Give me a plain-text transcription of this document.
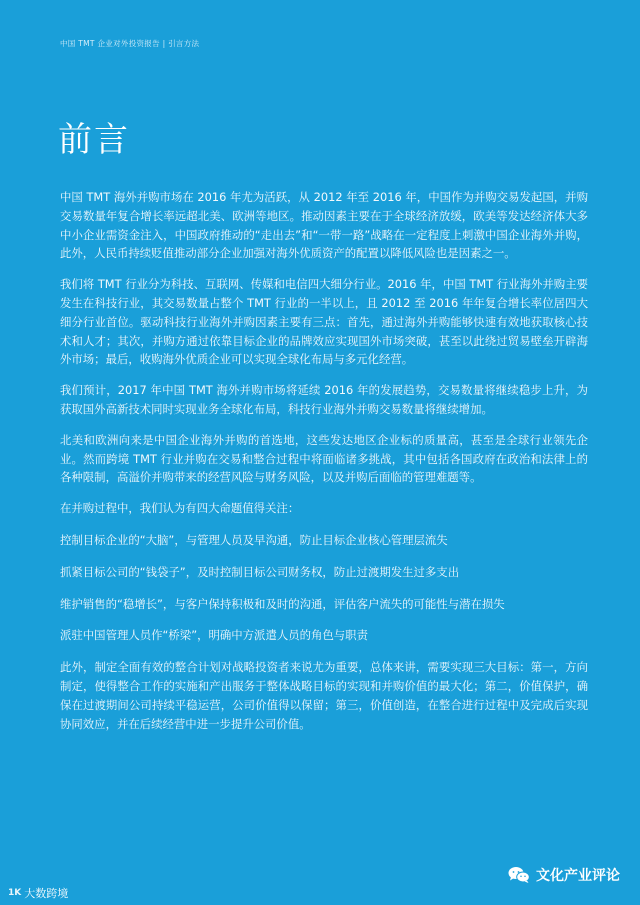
中国 TMT 企业对外投资报告 | 引言方法
前言

中国 TMT 海外并购市场在 2016 年尤为活跃，从 2012 年至 2016 年，中国作为并购交易发起国，并购交易数量年复合增长率远超北美、欧洲等地区。推动因素主要在于全球经济放缓，欧美等发达经济体大多中小企业需资金注入，中国政府推动的“走出去”和“一带一路”战略在一定程度上刺激中国企业海外并购，此外，人民币持续贬值推动部分企业加强对海外优质资产的配置以降低风险也是因素之一。

我们将 TMT 行业分为科技、互联网、传媒和电信四大细分行业。2016 年，中国 TMT 行业海外并购主要发生在科技行业，其交易数量占整个 TMT 行业的一半以上，且 2012 至 2016 年年复合增长率位居四大细分行业首位。驱动科技行业海外并购因素主要有三点：首先，通过海外并购能够快速有效地获取核心技术和人才；其次，并购方通过依靠目标企业的品牌效应实现国外市场突破，甚至以此绕过贸易壁垒开辟海外市场；最后，收购海外优质企业可以实现全球化布局与多元化经营。

我们预计，2017 年中国 TMT 海外并购市场将延续 2016 年的发展趋势，交易数量将继续稳步上升，为获取国外高新技术同时实现业务全球化布局，科技行业海外并购交易数量将继续增加。

北美和欧洲向来是中国企业海外并购的首选地，这些发达地区企业标的质量高，甚至是全球行业领先企业。然而跨境 TMT 行业并购在交易和整合过程中将面临诸多挑战，其中包括各国政府在政治和法律上的各种限制，高溢价并购带来的经营风险与财务风险，以及并购后面临的管理难题等。

在并购过程中，我们认为有四大命题值得关注：

控制目标企业的“大脑”，与管理人员及早沟通，防止目标企业核心管理层流失

抓紧目标公司的“钱袋子”，及时控制目标公司财务权，防止过渡期发生过多支出

维护销售的“稳增长”，与客户保持积极和及时的沟通，评估客户流失的可能性与潜在损失

派驻中国管理人员作“桥梁”，明确中方派遣人员的角色与职责

此外，制定全面有效的整合计划对战略投资者来说尤为重要，总体来讲，需要实现三大目标：第一，方向制定，使得整合工作的实施和产出服务于整体战略目标的实现和并购价值的最大化；第二，价值保护，确保在过渡期间公司持续平稳运营，公司价值得以保留；第三，价值创造，在整合进行过程中及完成后实现协同效应，并在后续经营中进一步提升公司价值。

1K 大数跨境
文化产业评论
